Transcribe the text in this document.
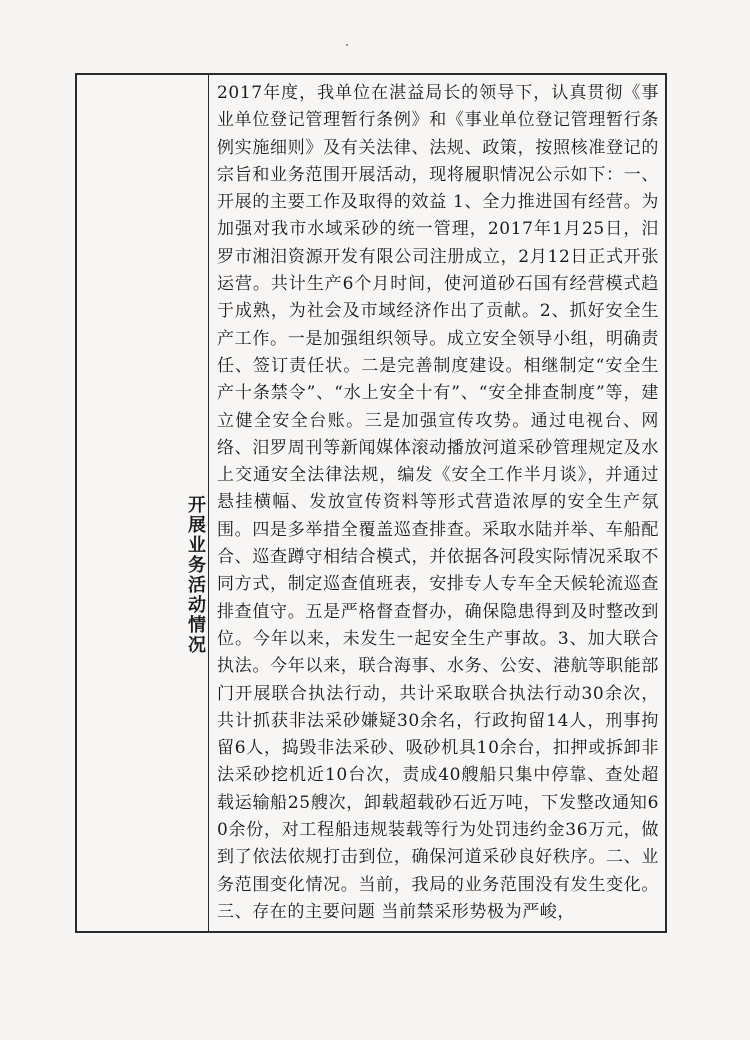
开展业务活动情况

2017年度，我单位在湛益局长的领导下，认真贯彻《事业单位登记管理暂行条例》和《事业单位登记管理暂行条例实施细则》及有关法律、法规、政策，按照核准登记的宗旨和业务范围开展活动，现将履职情况公示如下：一、开展的主要工作及取得的效益 1、全力推进国有经营。为加强对我市水域采砂的统一管理，2017年1月25日，汨罗市湘汨资源开发有限公司注册成立，2月12日正式开张运营。共计生产6个月时间，使河道砂石国有经营模式趋于成熟，为社会及市域经济作出了贡献。2、抓好安全生产工作。一是加强组织领导。成立安全领导小组，明确责任、签订责任状。二是完善制度建设。相继制定“安全生产十条禁令”、“水上安全十有”、“安全排查制度”等，建立健全安全台账。三是加强宣传攻势。通过电视台、网络、汨罗周刊等新闻媒体滚动播放河道采砂管理规定及水上交通安全法律法规，编发《安全工作半月谈》，并通过悬挂横幅、发放宣传资料等形式营造浓厚的安全生产氛围。四是多举措全覆盖巡查排查。采取水陆并举、车船配合、巡查蹲守相结合模式，并依据各河段实际情况采取不同方式，制定巡查值班表，安排专人专车全天候轮流巡查排查值守。五是严格督查督办，确保隐患得到及时整改到位。今年以来，未发生一起安全生产事故。3、加大联合执法。今年以来，联合海事、水务、公安、港航等职能部门开展联合执法行动，共计采取联合执法行动30余次，共计抓获非法采砂嫌疑30余名，行政拘留14人，刑事拘留6人，捣毁非法采砂、吸砂机具10余台，扣押或拆卸非法采砂挖机近10台次，责成40艘船只集中停靠、查处超载运输船25艘次，卸载超载砂石近万吨，下发整改通知60余份，对工程船违规装载等行为处罚违约金36万元，做到了依法依规打击到位，确保河道采砂良好秩序。二、业务范围变化情况。当前，我局的业务范围没有发生变化。三、存在的主要问题 当前禁采形势极为严峻，
